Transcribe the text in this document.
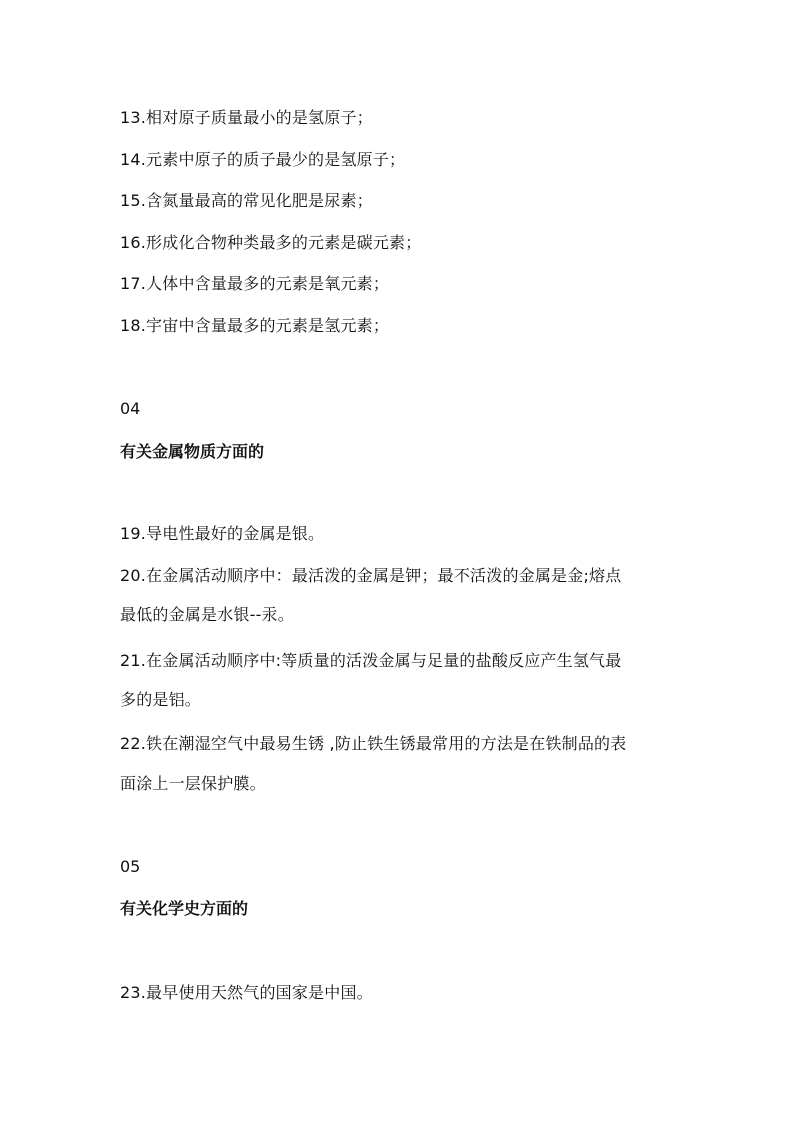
13.相对原子质量最小的是氢原子；
14.元素中原子的质子最少的是氢原子；
15.含氮量最高的常见化肥是尿素；
16.形成化合物种类最多的元素是碳元素；
17.人体中含量最多的元素是氧元素；
18.宇宙中含量最多的元素是氢元素；
04
有关金属物质方面的
19.导电性最好的金属是银。
20.在金属活动顺序中：最活泼的金属是钾；最不活泼的金属是金;熔点
最低的金属是水银--汞。
21.在金属活动顺序中:等质量的活泼金属与足量的盐酸反应产生氢气最
多的是铝。
22.铁在潮湿空气中最易生锈 ,防止铁生锈最常用的方法是在铁制品的表
面涂上一层保护膜。
05
有关化学史方面的
23.最早使用天然气的国家是中国。
